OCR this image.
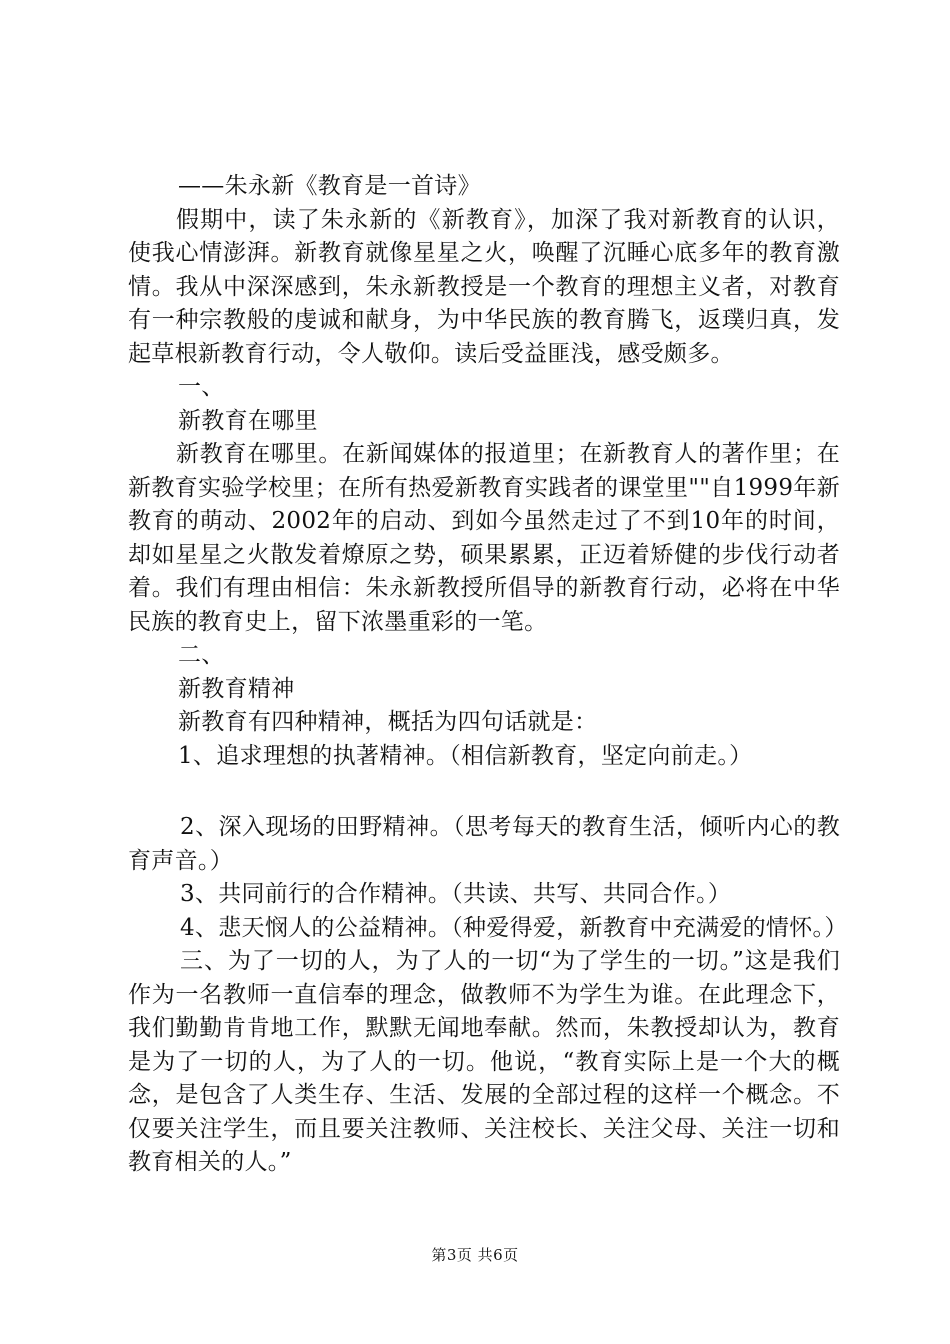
——朱永新《教育是一首诗》

假期中，读了朱永新的《新教育》，加深了我对新教育的认识，使我心情澎湃。新教育就像星星之火，唤醒了沉睡心底多年的教育激情。我从中深深感到，朱永新教授是一个教育的理想主义者，对教育有一种宗教般的虔诚和献身，为中华民族的教育腾飞，返璞归真，发起草根新教育行动，令人敬仰。读后受益匪浅，感受颇多。

一、

新教育在哪里

新教育在哪里。在新闻媒体的报道里；在新教育人的著作里；在新教育实验学校里；在所有热爱新教育实践者的课堂里""自1999年新教育的萌动、2002年的启动、到如今虽然走过了不到10年的时间，却如星星之火散发着燎原之势，硕果累累，正迈着矫健的步伐行动者着。我们有理由相信：朱永新教授所倡导的新教育行动，必将在中华民族的教育史上，留下浓墨重彩的一笔。

二、

新教育精神

新教育有四种精神，概括为四句话就是：

1、追求理想的执著精神。（相信新教育，坚定向前走。）

2、深入现场的田野精神。（思考每天的教育生活，倾听内心的教育声音。）

3、共同前行的合作精神。（共读、共写、共同合作。）

4、悲天悯人的公益精神。（种爱得爱，新教育中充满爱的情怀。）

三、为了一切的人，为了人的一切“为了学生的一切。”这是我们作为一名教师一直信奉的理念，做教师不为学生为谁。在此理念下，我们勤勤肯肯地工作，默默无闻地奉献。然而，朱教授却认为，教育是为了一切的人，为了人的一切。他说，“教育实际上是一个大的概念，是包含了人类生存、生活、发展的全部过程的这样一个概念。不仅要关注学生，而且要关注教师、关注校长、关注父母、关注一切和教育相关的人。”

第3页 共6页
